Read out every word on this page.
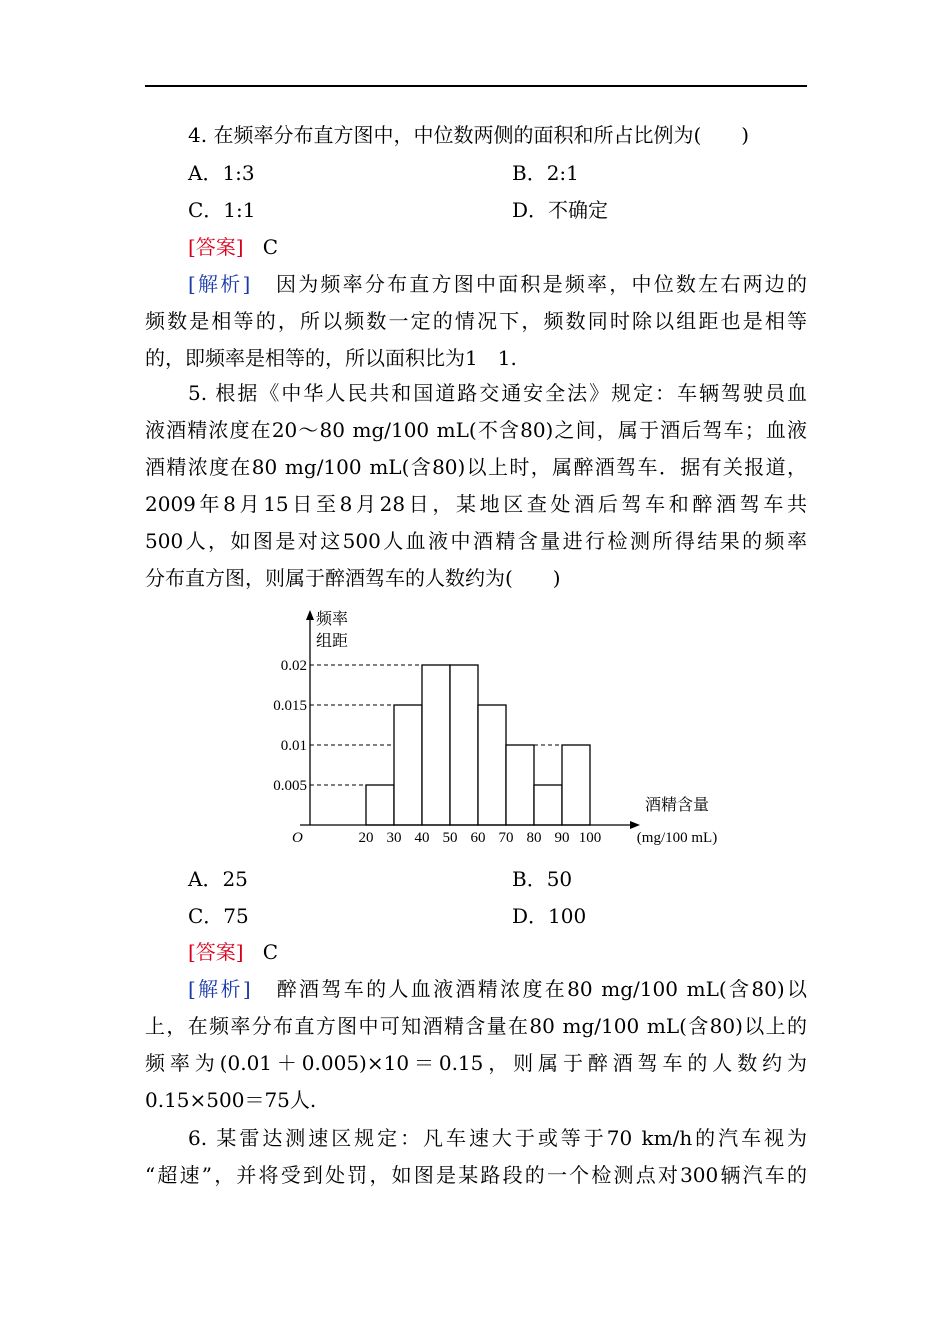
4. 在频率分布直方图中，中位数两侧的面积和所占比例为(　　)
A．1:3	B．2:1
C．1:1	D．不确定
[答案] C
[解析] 因为频率分布直方图中面积是频率，中位数左右两边的
频数是相等的，所以频数一定的情况下，频数同时除以组距也是相等
的，即频率是相等的，所以面积比为1　1.
5. 根据《中华人民共和国道路交通安全法》规定：车辆驾驶员血
液酒精浓度在20～80 mg/100 mL(不含80)之间，属于酒后驾车；血液
酒精浓度在80 mg/100 mL(含80)以上时，属醉酒驾车．据有关报道，
2009年8月15日至8月28日，某地区查处酒后驾车和醉酒驾车共
500人，如图是对这500人血液中酒精含量进行检测所得结果的频率
分布直方图，则属于醉酒驾车的人数约为(　　)
0.005
0.01
0.015
0.02
20 30 40 50 60 70 80 90 100
O
频率
组距
酒精含量
(mg/100 mL)
A．25	B．50
C．75	D．100
[答案] C
[解析] 醉酒驾车的人血液酒精浓度在80 mg/100 mL(含80)以
上，在频率分布直方图中可知酒精含量在80 mg/100 mL(含80)以上的
频率为(0.01＋0.005)×10＝0.15，则属于醉酒驾车的人数约为
0.15×500＝75人.
6. 某雷达测速区规定：凡车速大于或等于70 km/h的汽车视为
“超速”，并将受到处罚，如图是某路段的一个检测点对300辆汽车的
